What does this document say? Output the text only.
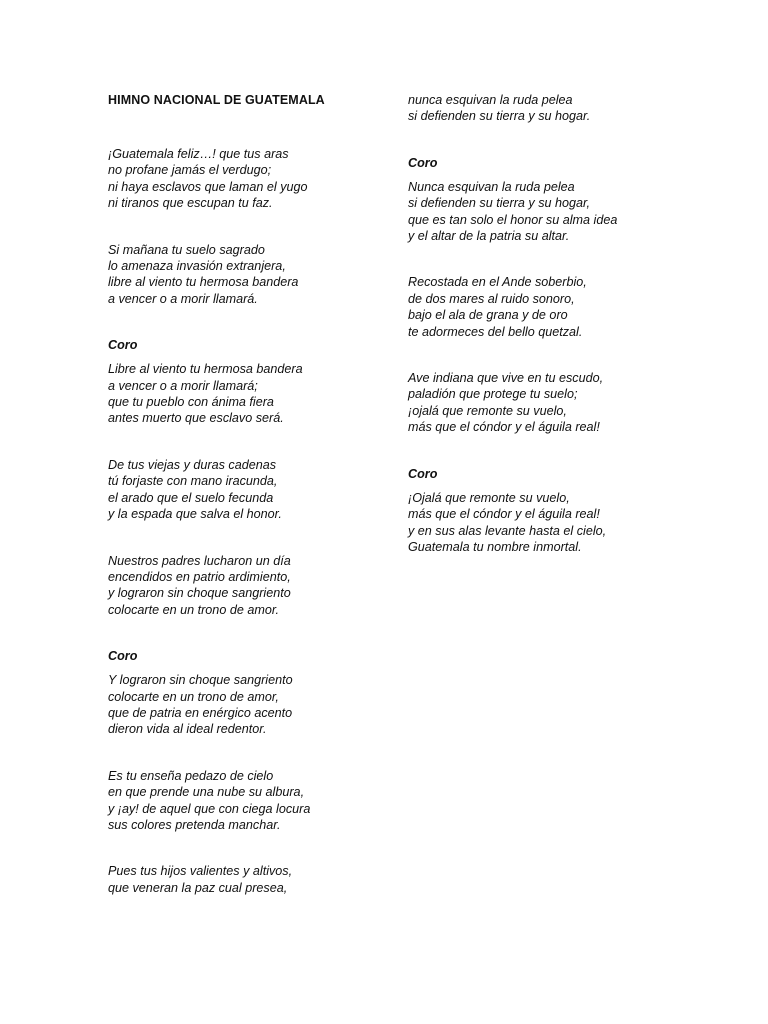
HIMNO NACIONAL DE GUATEMALA

¡Guatemala feliz…! que tus aras
no profane jamás el verdugo;
ni haya esclavos que laman el yugo
ni tiranos que escupan tu faz.

Si mañana tu suelo sagrado
lo amenaza invasión extranjera,
libre al viento tu hermosa bandera
a vencer o a morir llamará.

Coro

Libre al viento tu hermosa bandera
a vencer o a morir llamará;
que tu pueblo con ánima fiera
antes muerto que esclavo será.

De tus viejas y duras cadenas
tú forjaste con mano iracunda,
el arado que el suelo fecunda
y la espada que salva el honor.

Nuestros padres lucharon un día
encendidos en patrio ardimiento,
y lograron sin choque sangriento
colocarte en un trono de amor.

Coro

Y lograron sin choque sangriento
colocarte en un trono de amor,
que de patria en enérgico acento
dieron vida al ideal redentor.

Es tu enseña pedazo de cielo
en que prende una nube su albura,
y ¡ay! de aquel que con ciega locura
sus colores pretenda manchar.

Pues tus hijos valientes y altivos,
que veneran la paz cual presea,

nunca esquivan la ruda pelea
si defienden su tierra y su hogar.

Coro

Nunca esquivan la ruda pelea
si defienden su tierra y su hogar,
que es tan solo el honor su alma idea
y el altar de la patria su altar.

Recostada en el Ande soberbio,
de dos mares al ruido sonoro,
bajo el ala de grana y de oro
te adormeces del bello quetzal.

Ave indiana que vive en tu escudo,
paladión que protege tu suelo;
¡ojalá que remonte su vuelo,
más que el cóndor y el águila real!

Coro

¡Ojalá que remonte su vuelo,
más que el cóndor y el águila real!
y en sus alas levante hasta el cielo,
Guatemala tu nombre inmortal.
